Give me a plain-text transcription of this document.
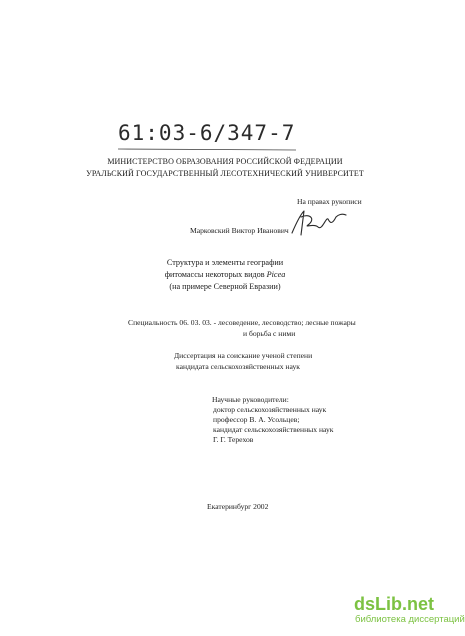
61:03-6/347-7
МИНИСТЕРСТВО ОБРАЗОВАНИЯ РОССИЙСКОЙ ФЕДЕРАЦИИ
УРАЛЬСКИЙ ГОСУДАРСТВЕННЫЙ ЛЕСОТЕХНИЧЕСКИЙ УНИВЕРСИТЕТ
На правах рукописи
Марковский Виктор Иванович
Структура и элементы географии
фитомассы некоторых видов Picea
(на примере Северной Евразии)
Специальность 06. 03. 03. - лесоведение, лесоводство; лесные пожары
и борьба с ними
Диссертация на соискание ученой степени
кандидата сельскохозяйственных наук
Научные руководители:
доктор сельскохозяйственных наук
профессор В. А. Усольцев;
кандидат сельскохозяйственных наук
Г. Г. Терехов
Екатеринбург 2002
dsLib.net
библиотека диссертаций
